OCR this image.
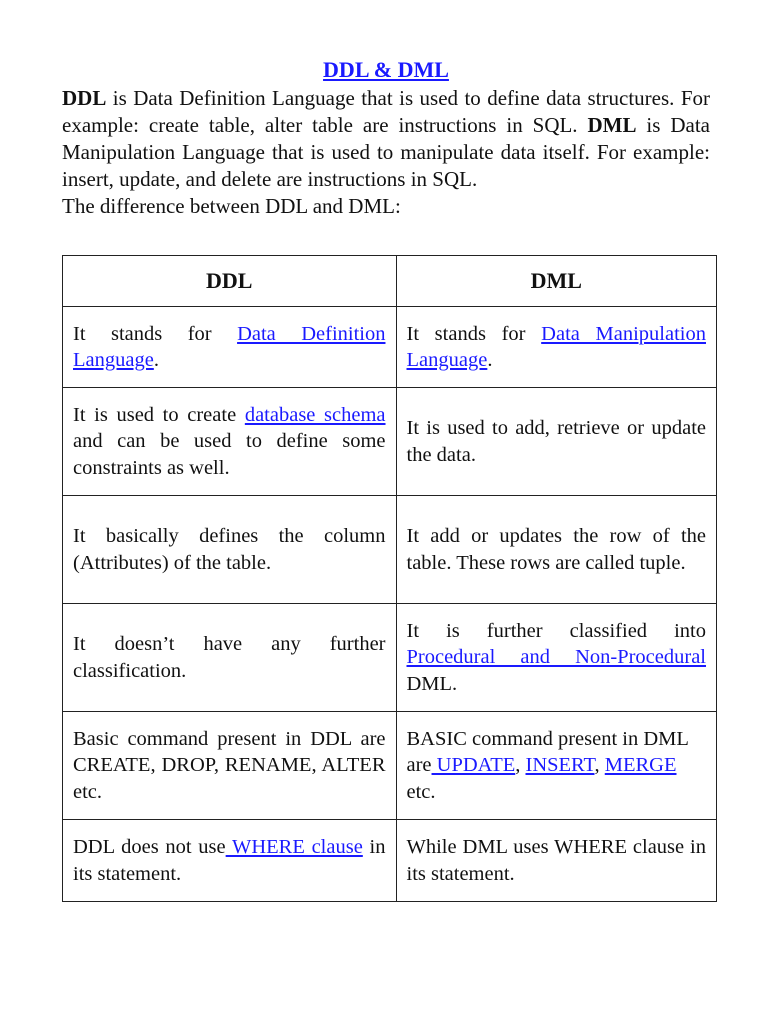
DDL & DML

DDL is Data Definition Language that is used to define data structures. For example: create table, alter table are instructions in SQL. DML is Data Manipulation Language that is used to manipulate data itself. For example: insert, update, and delete are instructions in SQL.

The difference between DDL and DML:

DDL	DML
It stands for Data Definition Language.	It stands for Data Manipulation Language.
It is used to create database schema and can be used to define some constraints as well.	It is used to add, retrieve or update the data.
It basically defines the column (Attributes) of the table.	It add or updates the row of the table. These rows are called tuple.
It doesn’t have any further classification.	It is further classified into Procedural and Non-Procedural DML.
Basic command present in DDL are CREATE, DROP, RENAME, ALTER etc.	BASIC command present in DML are UPDATE, INSERT, MERGE etc.
DDL does not use WHERE clause in its statement.	While DML uses WHERE clause in its statement.
